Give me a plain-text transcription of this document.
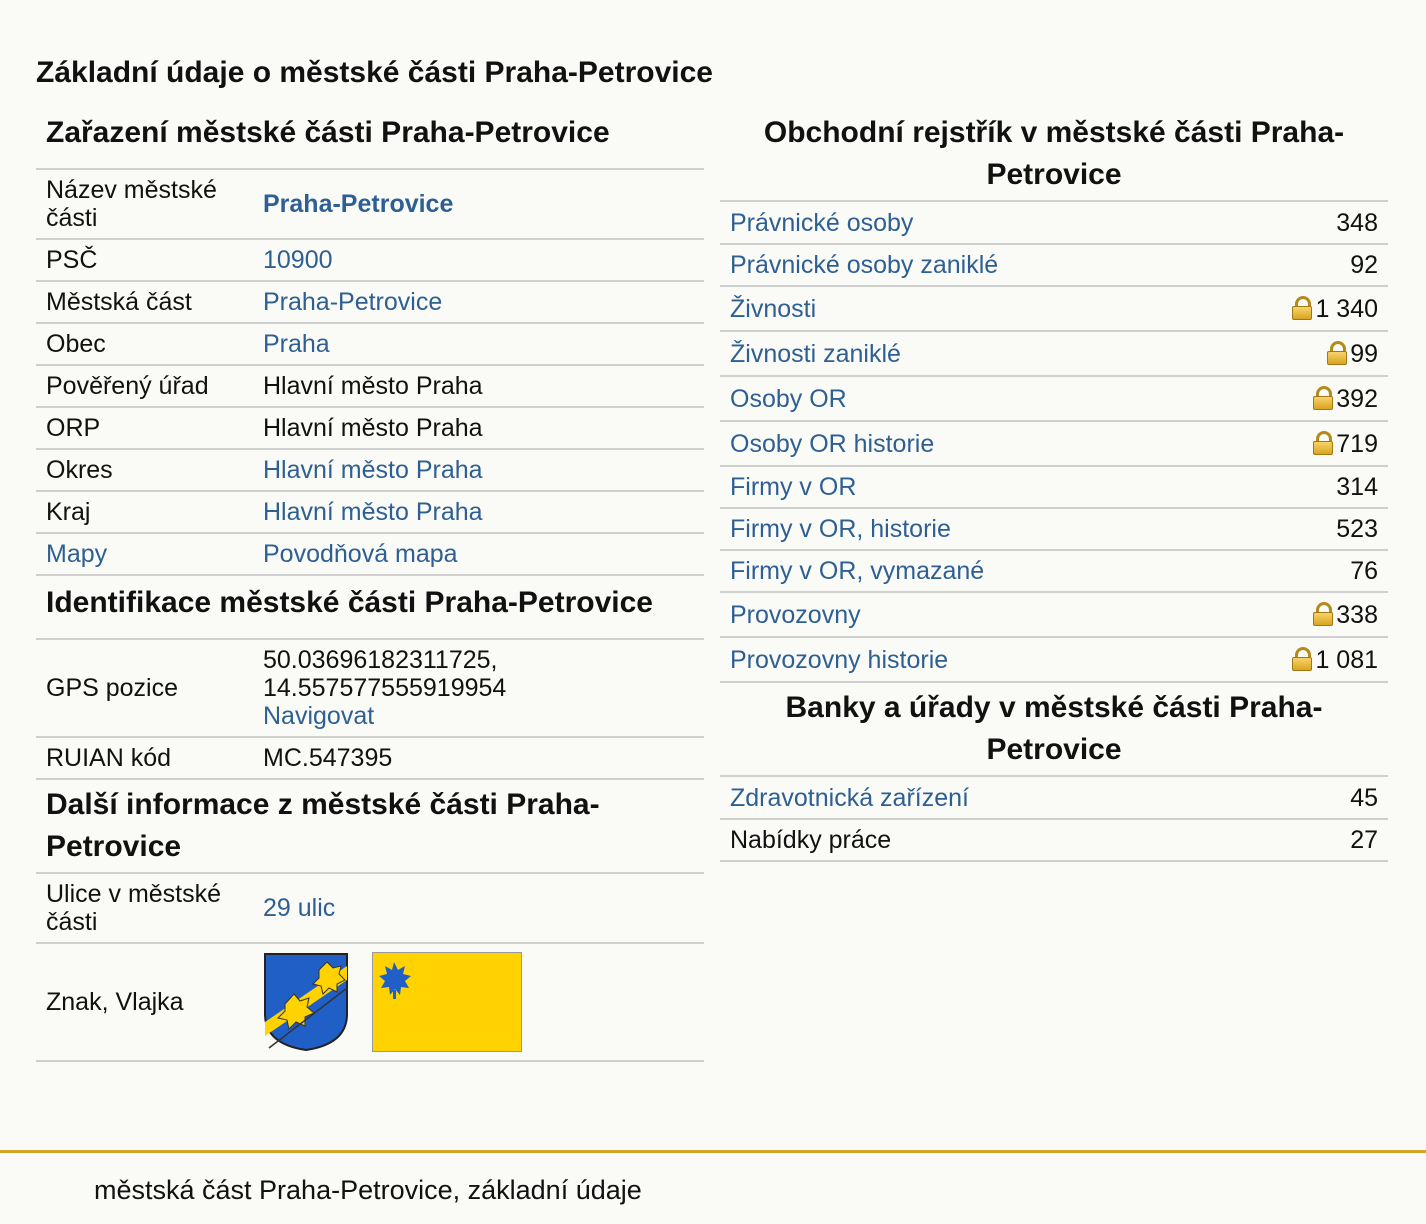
Základní údaje o městské části Praha-Petrovice
Zařazení městské části Praha-Petrovice
Název městské části	Praha-Petrovice
PSČ	10900
Městská část	Praha-Petrovice
Obec	Praha
Pověřený úřad	Hlavní město Praha
ORP	Hlavní město Praha
Okres	Hlavní město Praha
Kraj	Hlavní město Praha
Mapy	Povodňová mapa
Identifikace městské části Praha-Petrovice
GPS pozice	50.03696182311725,
14.557577555919954
Navigovat
RUIAN kód	MC.547395
Další informace z městské části Praha-Petrovice
Ulice v městské části	29 ulic
Znak, Vlajka	
Obchodní rejstřík v městské části Praha-Petrovice
Právnické osoby	348
Právnické osoby zaniklé	92
Živnosti	1 340
Živnosti zaniklé	99
Osoby OR	392
Osoby OR historie	719
Firmy v OR	314
Firmy v OR, historie	523
Firmy v OR, vymazané	76
Provozovny	338
Provozovny historie	1 081
Banky a úřady v městské části Praha-Petrovice
Zdravotnická zařízení	45
Nabídky práce	27
městská část Praha-Petrovice, základní údaje
